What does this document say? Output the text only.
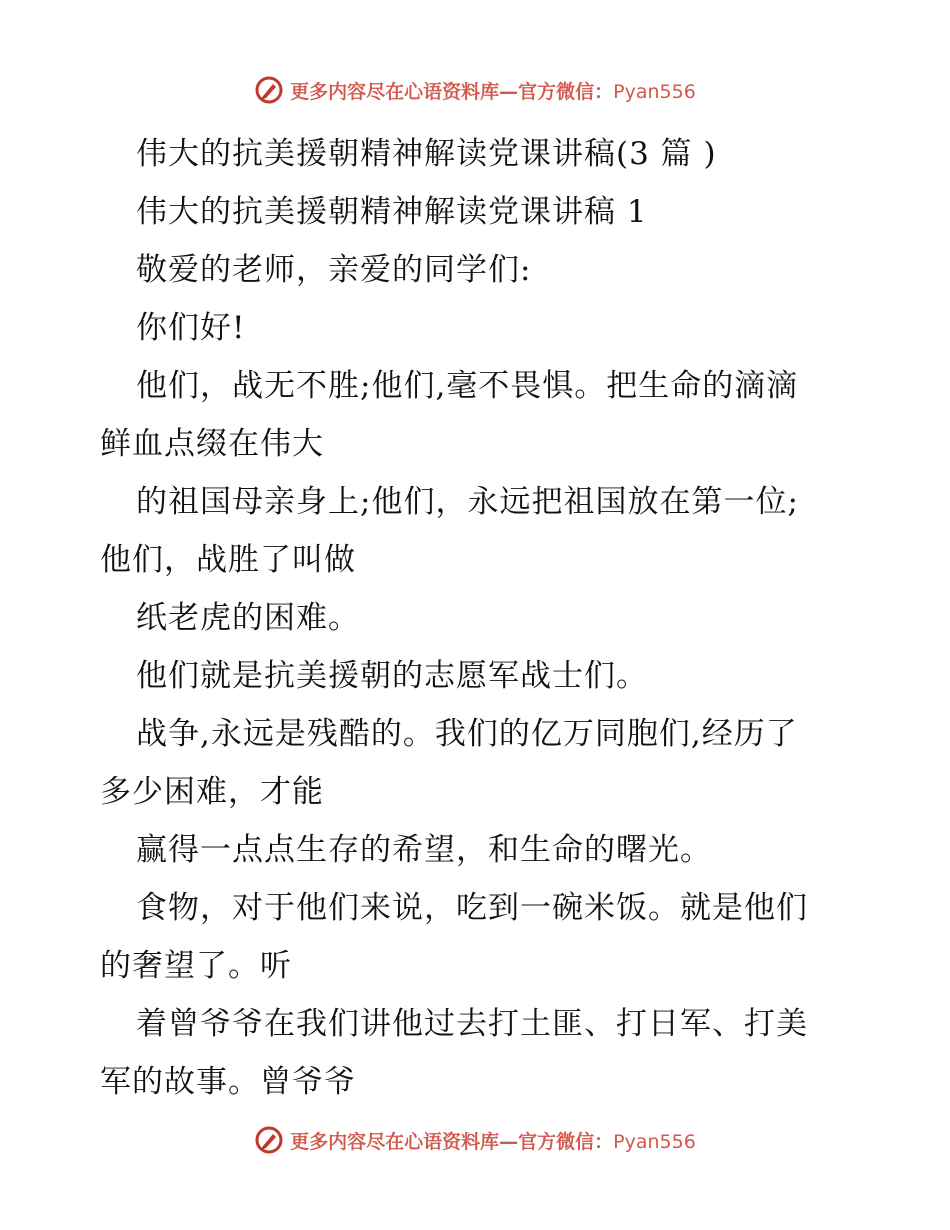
更多内容尽在心语资料库—官方微信：Pyan556
伟大的抗美援朝精神解读党课讲稿(3 篇 )
伟大的抗美援朝精神解读党课讲稿 1
敬爱的老师，亲爱的同学们:
你们好!
他们，战无不胜;他们,毫不畏惧。把生命的滴滴
鲜血点缀在伟大
的祖国母亲身上;他们，永远把祖国放在第一位;
他们，战胜了叫做
纸老虎的困难。
他们就是抗美援朝的志愿军战士们。
战争,永远是残酷的。我们的亿万同胞们,经历了
多少困难，才能
赢得一点点生存的希望，和生命的曙光。
食物，对于他们来说，吃到一碗米饭。就是他们
的奢望了。听
着曾爷爷在我们讲他过去打土匪、打日军、打美
军的故事。曾爷爷
更多内容尽在心语资料库—官方微信：Pyan556
